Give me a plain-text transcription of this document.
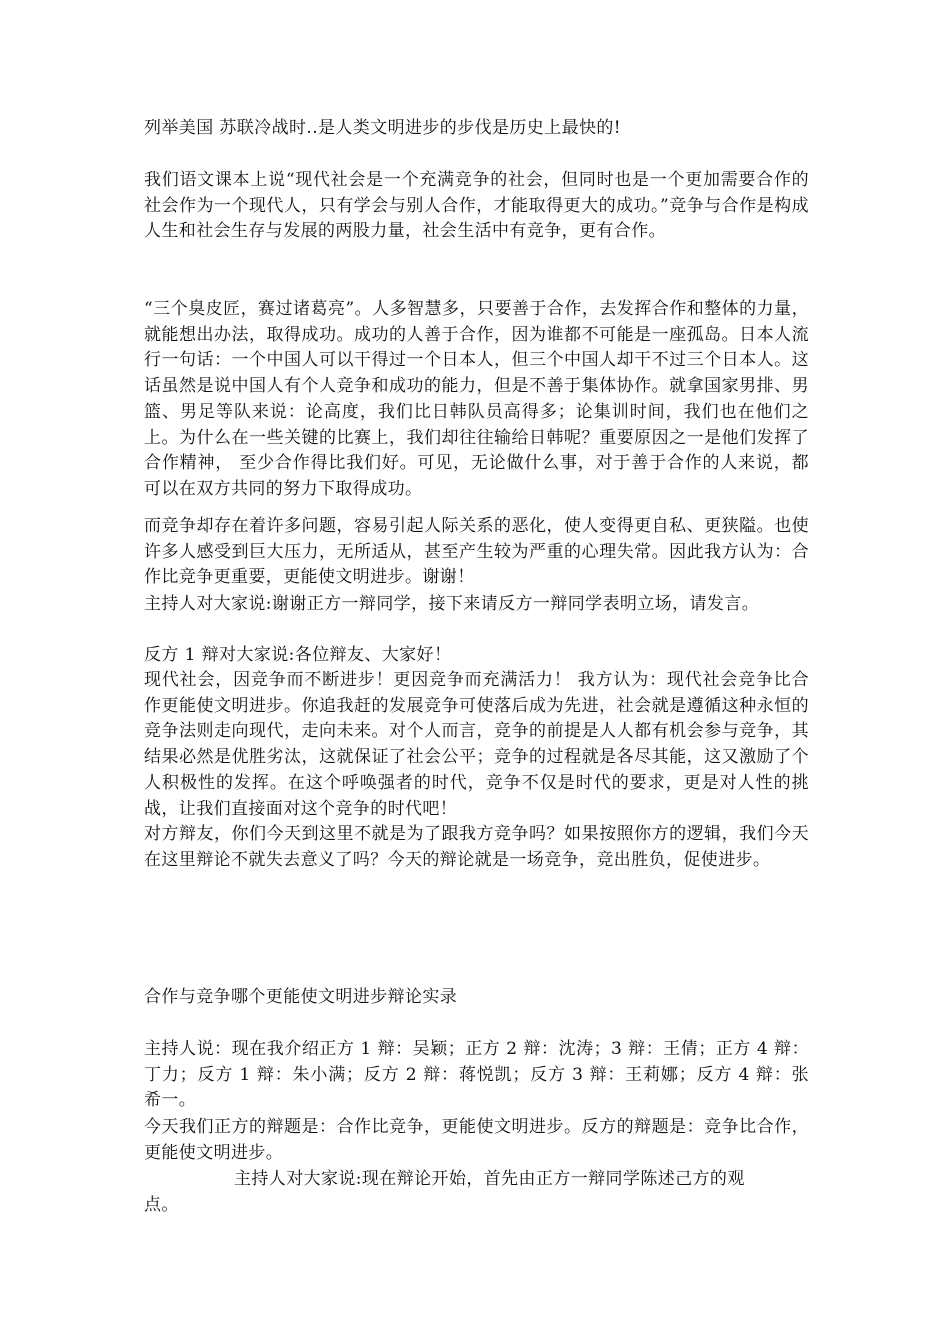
列举美国 苏联冷战时..是人类文明进步的步伐是历史上最快的!

我们语文课本上说“现代社会是一个充满竞争的社会，但同时也是一个更加需要合作的社会作为一个现代人，只有学会与别人合作，才能取得更大的成功。”竞争与合作是构成人生和社会生存与发展的两股力量，社会生活中有竞争，更有合作。

“三个臭皮匠，赛过诸葛亮”。人多智慧多，只要善于合作，去发挥合作和整体的力量，就能想出办法，取得成功。成功的人善于合作，因为谁都不可能是一座孤岛。日本人流行一句话：一个中国人可以干得过一个日本人，但三个中国人却干不过三个日本人。这话虽然是说中国人有个人竞争和成功的能力，但是不善于集体协作。就拿国家男排、男篮、男足等队来说：论高度，我们比日韩队员高得多；论集训时间，我们也在他们之上。为什么在一些关键的比赛上，我们却往往输给日韩呢？重要原因之一是他们发挥了合作精神， 至少合作得比我们好。可见，无论做什么事，对于善于合作的人来说，都可以在双方共同的努力下取得成功。

而竞争却存在着许多问题，容易引起人际关系的恶化，使人变得更自私、更狭隘。也使许多人感受到巨大压力，无所适从，甚至产生较为严重的心理失常。因此我方认为：合作比竞争更重要，更能使文明进步。谢谢！

主持人对大家说:谢谢正方一辩同学，接下来请反方一辩同学表明立场，请发言。

反方 1 辩对大家说:各位辩友、大家好！

现代社会，因竞争而不断进步！更因竞争而充满活力！ 我方认为：现代社会竞争比合作更能使文明进步。你追我赶的发展竞争可使落后成为先进，社会就是遵循这种永恒的竞争法则走向现代，走向未来。对个人而言，竞争的前提是人人都有机会参与竞争，其结果必然是优胜劣汰，这就保证了社会公平；竞争的过程就是各尽其能，这又激励了个人积极性的发挥。在这个呼唤强者的时代，竞争不仅是时代的要求，更是对人性的挑战，让我们直接面对这个竞争的时代吧！

对方辩友，你们今天到这里不就是为了跟我方竞争吗？如果按照你方的逻辑，我们今天在这里辩论不就失去意义了吗？今天的辩论就是一场竞争，竞出胜负，促使进步。

合作与竞争哪个更能使文明进步辩论实录

主持人说：现在我介绍正方 1 辩：吴颖；正方 2 辩：沈涛；3 辩：王倩；正方 4 辩：丁力；反方 1 辩：朱小满；反方 2 辩：蒋悦凯；反方 3 辩：王莉娜；反方 4 辩：张希一。

今天我们正方的辩题是：合作比竞争，更能使文明进步。反方的辩题是：竞争比合作，更能使文明进步。

主持人对大家说:现在辩论开始，首先由正方一辩同学陈述己方的观
点。
